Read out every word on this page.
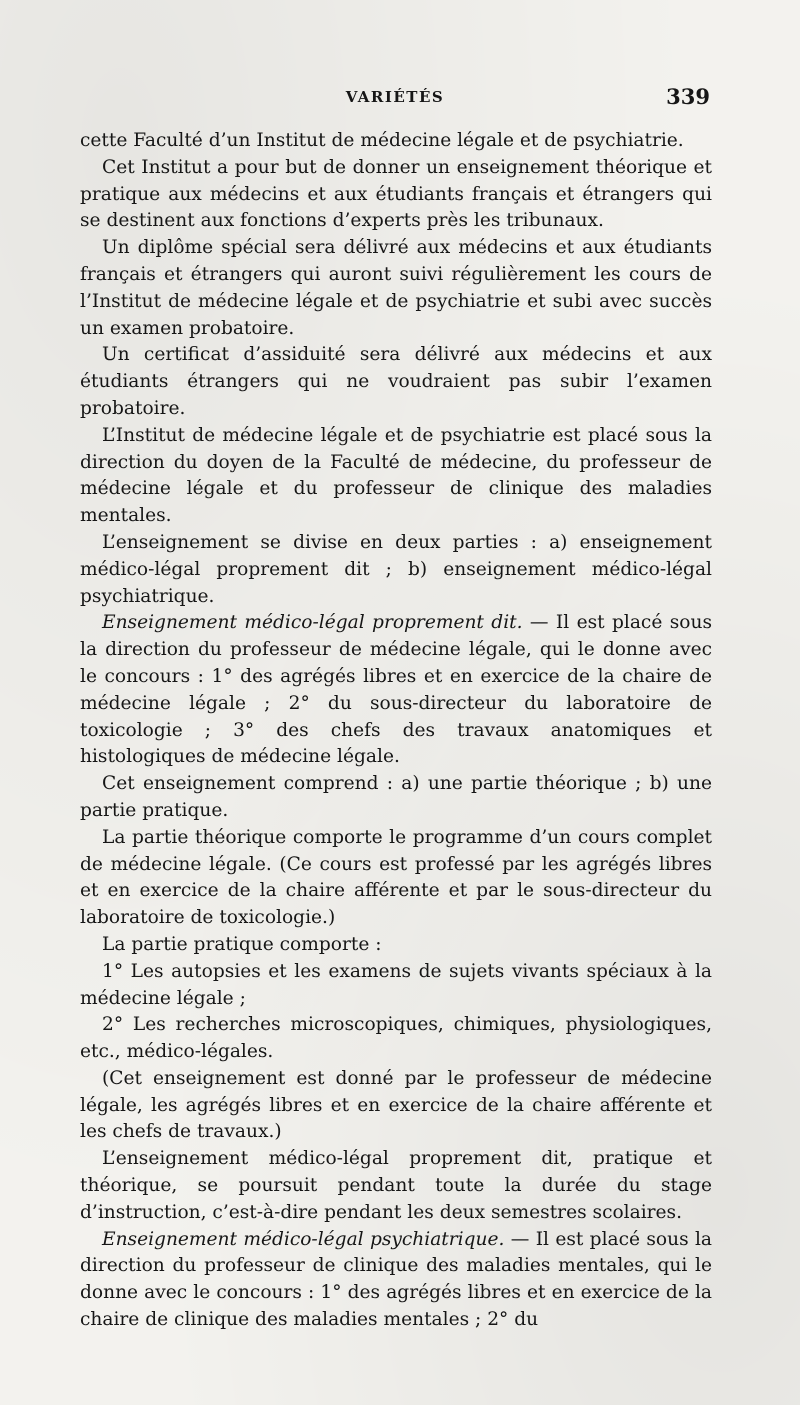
VARIÉTÉS	339

cette Faculté d’un Institut de médecine légale et de psychiatrie.

Cet Institut a pour but de donner un enseignement théorique et pratique aux médecins et aux étudiants français et étrangers qui se destinent aux fonctions d’experts près les tribunaux.

Un diplôme spécial sera délivré aux médecins et aux étudiants français et étrangers qui auront suivi régulièrement les cours de l’Institut de médecine légale et de psychiatrie et subi avec succès un examen probatoire.

Un certificat d’assiduité sera délivré aux médecins et aux étudiants étrangers qui ne voudraient pas subir l’examen probatoire.

L’Institut de médecine légale et de psychiatrie est placé sous la direction du doyen de la Faculté de médecine, du professeur de médecine légale et du professeur de clinique des maladies mentales.

L’enseignement se divise en deux parties : a) enseignement médico-légal proprement dit ; b) enseignement médico-légal psychiatrique.

Enseignement médico-légal proprement dit. — Il est placé sous la direction du professeur de médecine légale, qui le donne avec le concours : 1° des agrégés libres et en exercice de la chaire de médecine légale ; 2° du sous-directeur du laboratoire de toxicologie ; 3° des chefs des travaux anatomiques et histologiques de médecine légale.

Cet enseignement comprend : a) une partie théorique ; b) une partie pratique.

La partie théorique comporte le programme d’un cours complet de médecine légale. (Ce cours est professé par les agrégés libres et en exercice de la chaire afférente et par le sous-directeur du laboratoire de toxicologie.)

La partie pratique comporte :

1° Les autopsies et les examens de sujets vivants spéciaux à la médecine légale ;

2° Les recherches microscopiques, chimiques, physiologiques, etc., médico-légales.

(Cet enseignement est donné par le professeur de médecine légale, les agrégés libres et en exercice de la chaire afférente et les chefs de travaux.)

L’enseignement médico-légal proprement dit, pratique et théorique, se poursuit pendant toute la durée du stage d’instruction, c’est-à-dire pendant les deux semestres scolaires.

Enseignement médico-légal psychiatrique. — Il est placé sous la direction du professeur de clinique des maladies mentales, qui le donne avec le concours : 1° des agrégés libres et en exercice de la chaire de clinique des maladies mentales ; 2° du
